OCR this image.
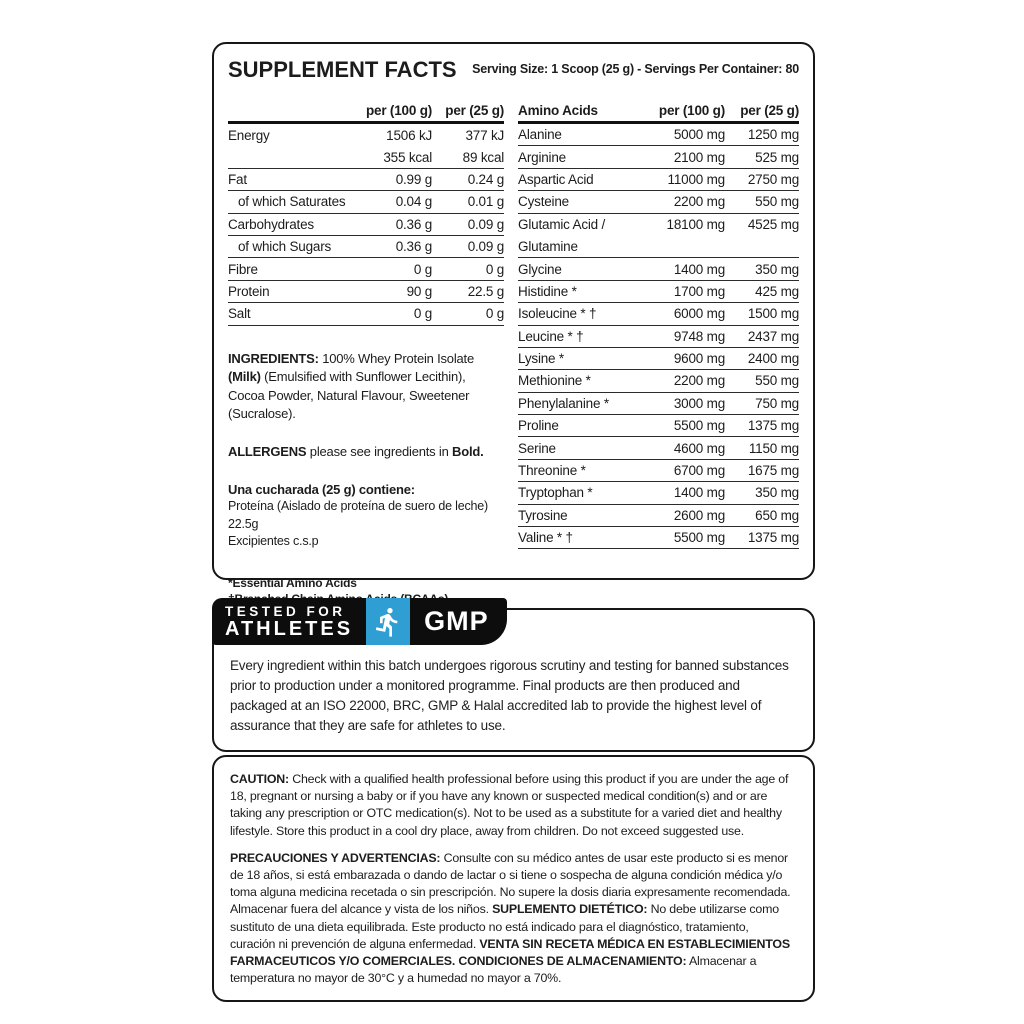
SUPPLEMENT FACTS Serving Size: 1 Scoop (25 g) - Servings Per Container: 80
per (100 g) per (25 g)
Energy	1506 kJ	377 kJ
355 kcal	89 kcal
Fat	0.99 g	0.24 g
of which Saturates	0.04 g	0.01 g
Carbohydrates	0.36 g	0.09 g
of which Sugars	0.36 g	0.09 g
Fibre	0 g	0 g
Protein	90 g	22.5 g
Salt	0 g	0 g
INGREDIENTS: 100% Whey Protein Isolate (Milk) (Emulsified with Sunflower Lecithin), Cocoa Powder, Natural Flavour, Sweetener (Sucralose).
ALLERGENS please see ingredients in Bold.
Una cucharada (25 g) contiene:
Proteína (Aislado de proteína de suero de leche) 22.5g
Excipientes c.s.p
*Essential Amino Acids
Amino Acids	per (100 g)	per (25 g)
Alanine	5000 mg	1250 mg
Arginine	2100 mg	525 mg
Aspartic Acid	11000 mg	2750 mg
Cysteine	2200 mg	550 mg
Glutamic Acid /	18100 mg	4525 mg
Glutamine
Glycine	1400 mg	350 mg
Histidine *	1700 mg	425 mg
Isoleucine * †	6000 mg	1500 mg
Leucine * †	9748 mg	2437 mg
Lysine *	9600 mg	2400 mg
Methionine *	2200 mg	550 mg
Phenylalanine *	3000 mg	750 mg
Proline	5500 mg	1375 mg
Serine	4600 mg	1150 mg
Threonine *	6700 mg	1675 mg
Tryptophan *	1400 mg	350 mg
Tyrosine	2600 mg	650 mg
Valine * †	5500 mg	1375 mg
TESTED FOR
ATHLETES	GMP
Every ingredient within this batch undergoes rigorous scrutiny and testing for banned substances prior to production under a monitored programme. Final products are then produced and packaged at an ISO 22000, BRC, GMP & Halal accredited lab to provide the highest level of assurance that they are safe for athletes to use.
CAUTION: Check with a qualified health professional before using this product if you are under the age of 18, pregnant or nursing a baby or if you have any known or suspected medical condition(s) and or are taking any prescription or OTC medication(s). Not to be used as a substitute for a varied diet and healthy lifestyle. Store this product in a cool dry place, away from children. Do not exceed suggested use.
PRECAUCIONES Y ADVERTENCIAS: Consulte con su médico antes de usar este producto si es menor de 18 años, si está embarazada o dando de lactar o si tiene o sospecha de alguna condición médica y/o toma alguna medicina recetada o sin prescripción. No supere la dosis diaria expresamente recomendada. Almacenar fuera del alcance y vista de los niños. SUPLEMENTO DIETÉTICO: No debe utilizarse como sustituto de una dieta equilibrada. Este producto no está indicado para el diagnóstico, tratamiento, curación ni prevención de alguna enfermedad. VENTA SIN RECETA MÉDICA EN ESTABLECIMIENTOS FARMACEUTICOS Y/O COMERCIALES. CONDICIONES DE ALMACENAMIENTO: Almacenar a temperatura no mayor de 30°C y a humedad no mayor a 70%.
